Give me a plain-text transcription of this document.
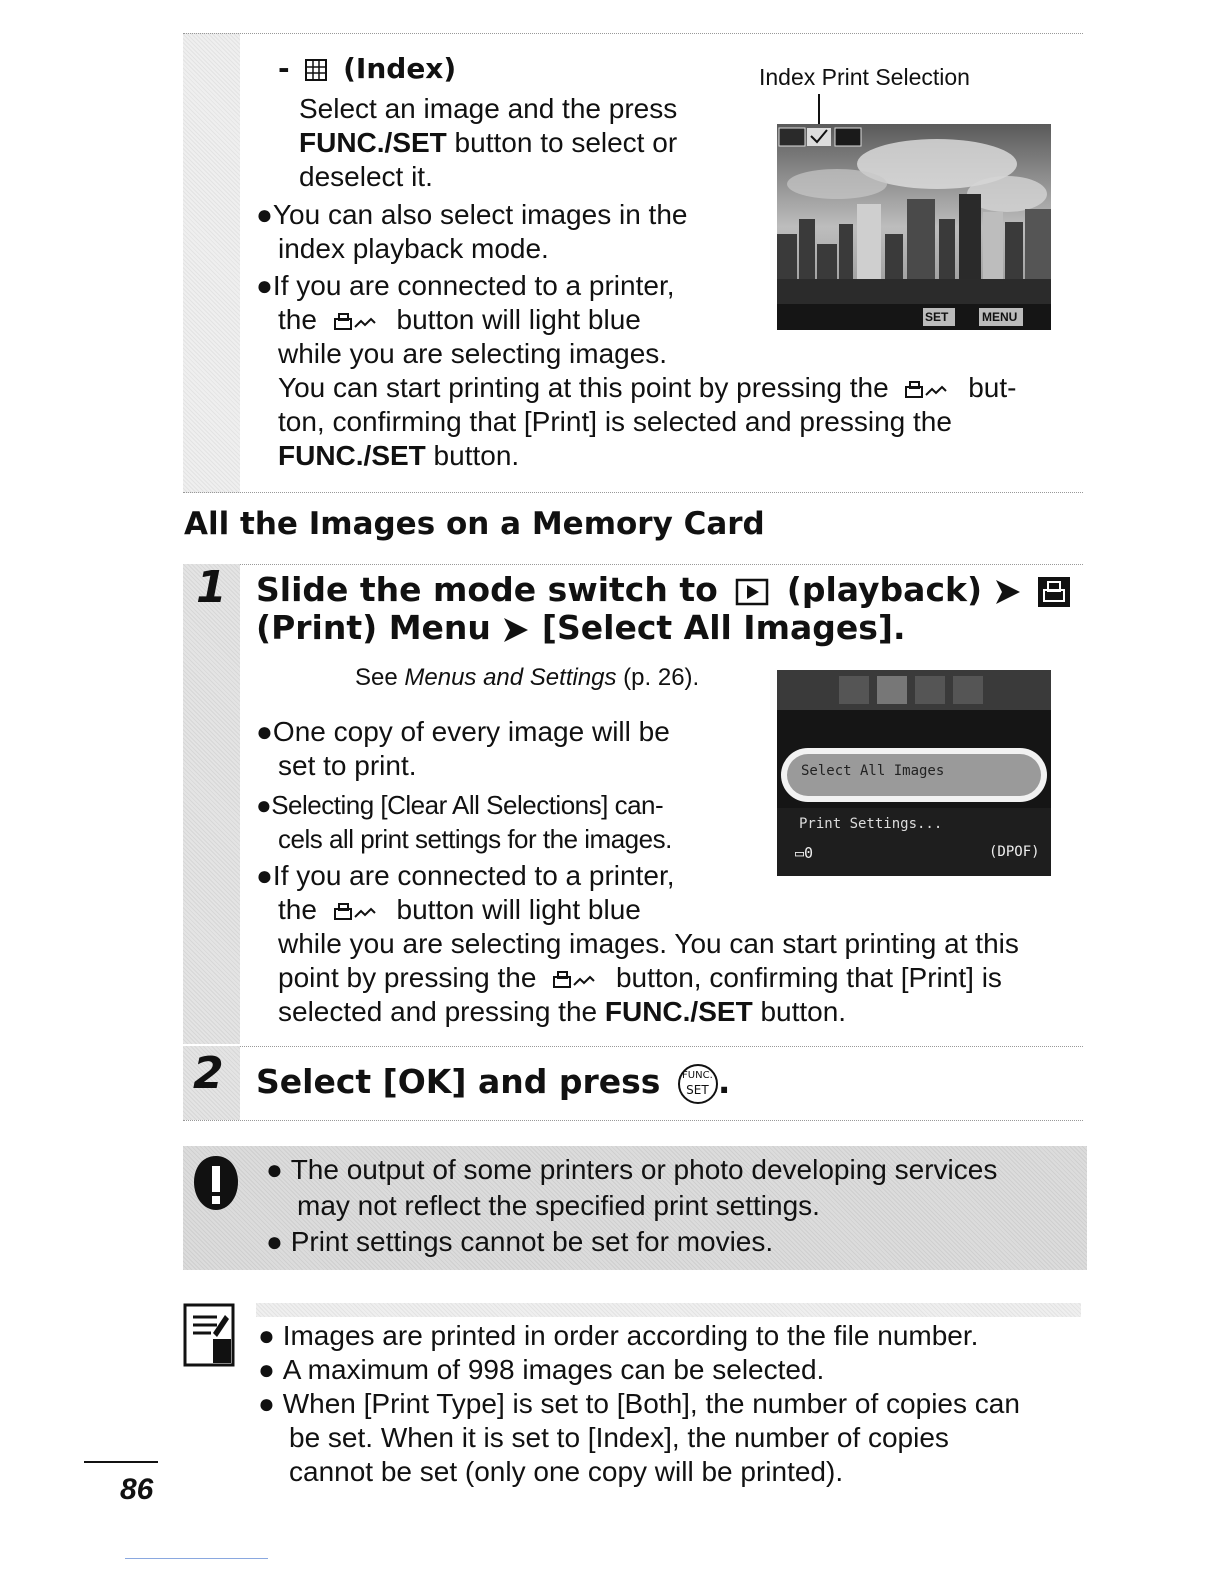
- (Index)
Select an image and the press
FUNC./SET button to select or
deselect it.
●You can also select images in the
index playback mode.
●If you are connected to a printer,
the	button will light blue
while you are selecting images.
You can start printing at this point by pressing the	but-
ton, confirming that [Print] is selected and pressing the
FUNC./SET button.
Index Print Selection
SET	MENU
All the Images on a Memory Card
1 Slide the mode switch to (playback)
(Print) Menu [Select All Images].
See Menus and Settings (p. 26).
●One copy of every image will be
set to print.
●Selecting [Clear All Selections] can-
cels all print settings for the images.
●If you are connected to a printer,
the	button will light blue
while you are selecting images. You can start printing at this
point by pressing the	button, confirming that [Print] is
selected and pressing the FUNC./SET button.
Select All Images
Print Settings...
▭0	(DPOF)
2 Select [OK] and press FUNC.
SET .
● The output of some printers or photo developing services
may not reflect the specified print settings.
● Print settings cannot be set for movies.
● Images are printed in order according to the file number.
● A maximum of 998 images can be selected.
● When [Print Type] is set to [Both], the number of copies can
be set. When it is set to [Index], the number of copies
cannot be set (only one copy will be printed).
86
